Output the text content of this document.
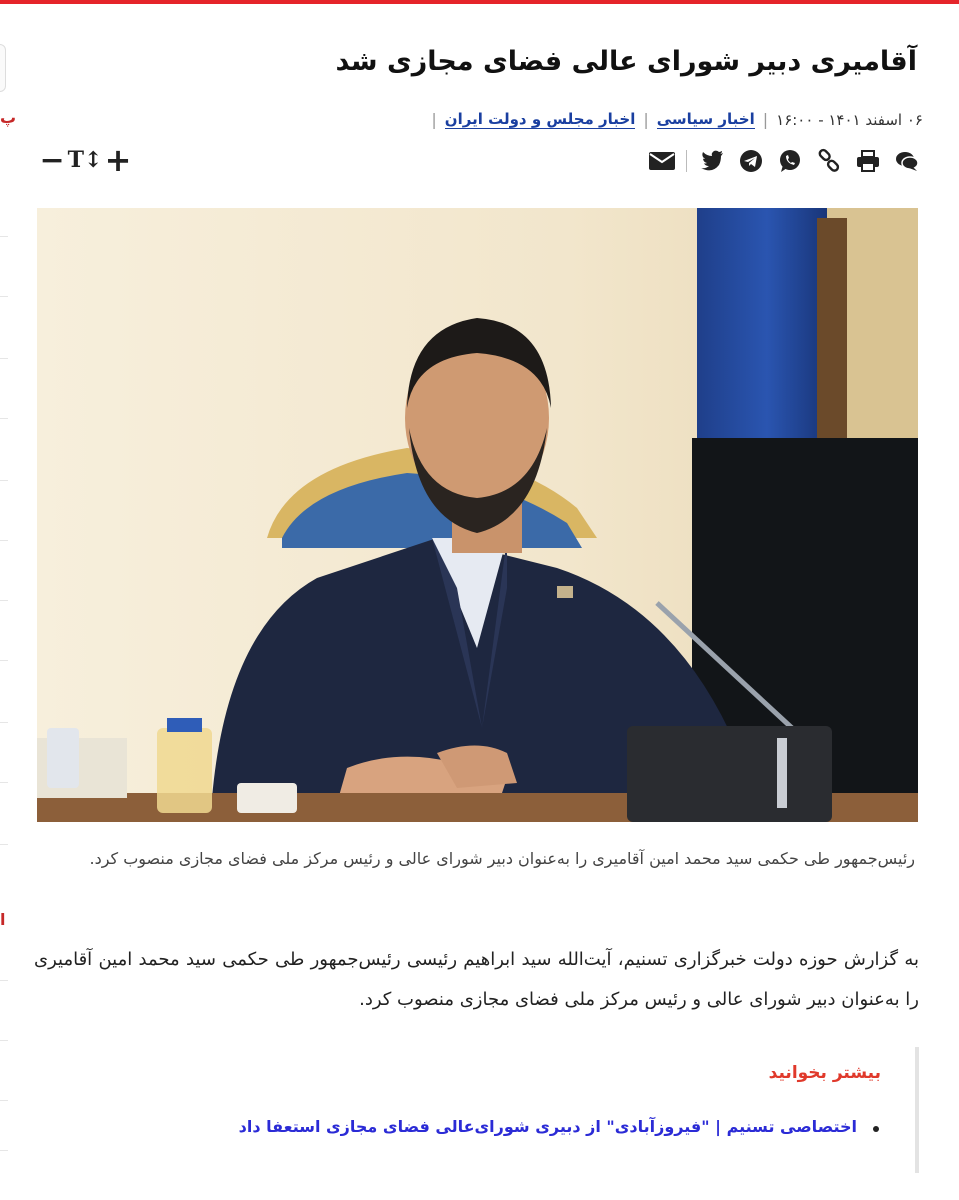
پ
ا
آقامیری دبیر شورای عالی فضای مجازی شد
۰۶ اسفند ۱۴۰۱ - ۱۶:۰۰
|
اخبار سیاسی
|
اخبار مجلس و دولت ایران
|
− T↕ +

رئیس‌جمهور طی حکمی سید محمد امین آقامیری را به‌عنوان دبیر شورای عالی و رئیس مرکز ملی فضای مجازی منصوب کرد.

به گزارش حوزه دولت خبرگزاری تسنیم، آیت‌الله سید ابراهیم رئیسی رئیس‌جمهور طی حکمی سید محمد امین آقامیری را به‌عنوان دبیر شورای عالی و رئیس مرکز ملی فضای مجازی منصوب کرد.

بیشتر بخوانید
اختصاصی تسنیم | "فیروزآبادی" از دبیری شورای‌عالی فضای مجازی استعفا داد
